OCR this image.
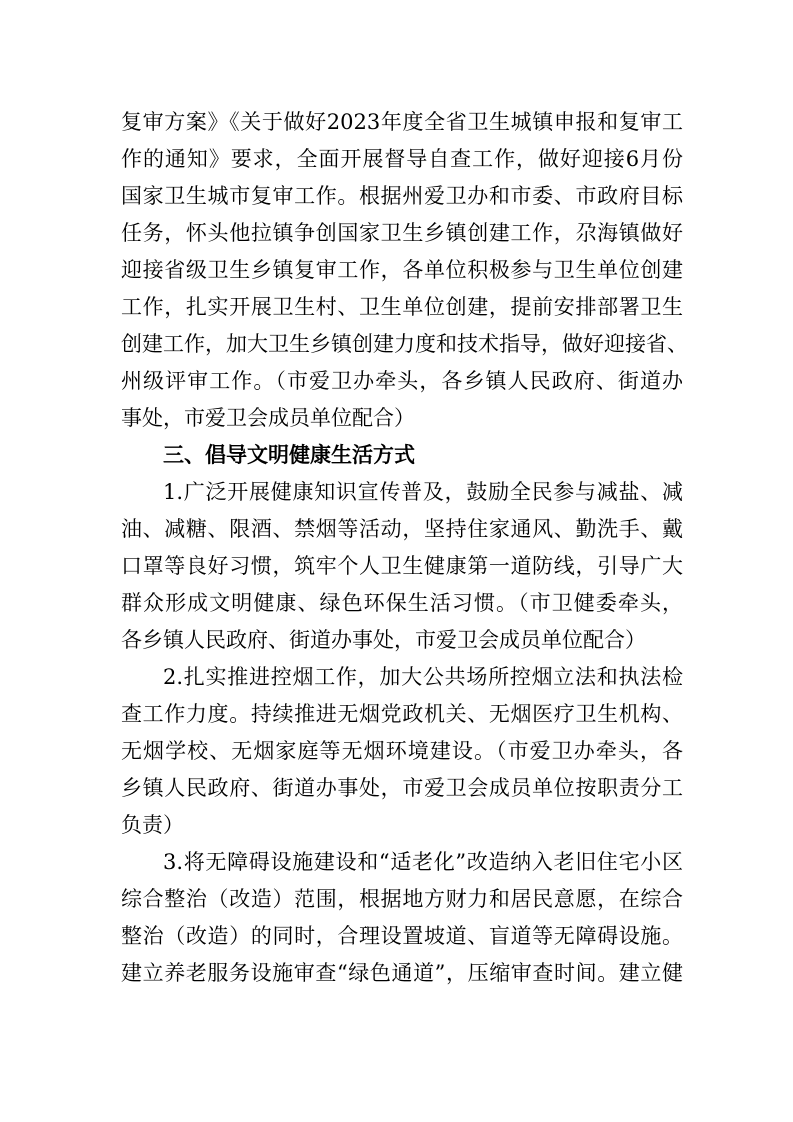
复审方案》《关于做好2023年度全省卫生城镇申报和复审工
作的通知》要求，全面开展督导自查工作，做好迎接6月份
国家卫生城市复审工作。根据州爱卫办和市委、市政府目标
任务，怀头他拉镇争创国家卫生乡镇创建工作，尕海镇做好
迎接省级卫生乡镇复审工作，各单位积极参与卫生单位创建
工作，扎实开展卫生村、卫生单位创建，提前安排部署卫生
创建工作，加大卫生乡镇创建力度和技术指导，做好迎接省、
州级评审工作。（市爱卫办牵头，各乡镇人民政府、街道办
事处，市爱卫会成员单位配合）
三、倡导文明健康生活方式
1.广泛开展健康知识宣传普及，鼓励全民参与减盐、减
油、减糖、限酒、禁烟等活动，坚持住家通风、勤洗手、戴
口罩等良好习惯，筑牢个人卫生健康第一道防线，引导广大
群众形成文明健康、绿色环保生活习惯。（市卫健委牵头，
各乡镇人民政府、街道办事处，市爱卫会成员单位配合）
2.扎实推进控烟工作，加大公共场所控烟立法和执法检
查工作力度。持续推进无烟党政机关、无烟医疗卫生机构、
无烟学校、无烟家庭等无烟环境建设。（市爱卫办牵头，各
乡镇人民政府、街道办事处，市爱卫会成员单位按职责分工
负责）
3.将无障碍设施建设和“适老化”改造纳入老旧住宅小区
综合整治（改造）范围，根据地方财力和居民意愿，在综合
整治（改造）的同时，合理设置坡道、盲道等无障碍设施。
建立养老服务设施审查“绿色通道”，压缩审查时间。建立健
